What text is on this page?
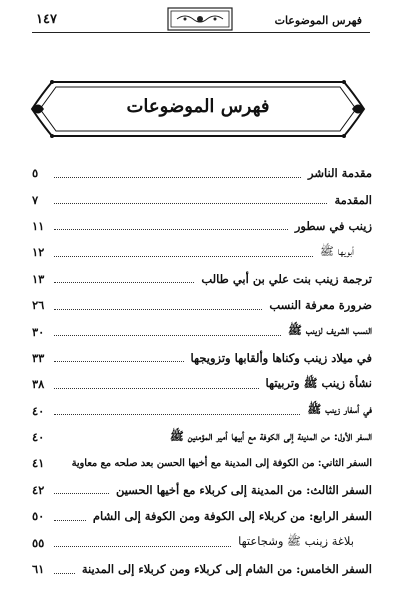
فهرس الموضوعات
١٤٧
فهرس الموضوعات
مقدمة الناشر
٥
المقدمة
٧
زينب في سطور
١١
أبويها ﷺ
١٢
ترجمة زينب بنت علي بن أبي طالب
١٣
ضرورة معرفة النسب
٢٦
النسب الشريف لزينب ﷺ
٣٠
في ميلاد زينب وكناها وألقابها وتزويجها
٣٣
نشأة زينب ﷺ وتربيتها
٣٨
في أسفار زينب ﷺ
٤٠
السفر الأول: من المدينة إلى الكوفة مع أبيها أمير المؤمنين ﷺ
٤٠
السفر الثاني: من الكوفة إلى المدينة مع أخيها الحسن بعد صلحه مع معاوية
٤١
السفر الثالث: من المدينة إلى كربلاء مع أخيها الحسين
٤٢
السفر الرابع: من كربلاء إلى الكوفة ومن الكوفة إلى الشام
٥٠
بلاغة زينب ﷺ وشجاعتها
٥٥
السفر الخامس: من الشام إلى كربلاء ومن كربلاء إلى المدينة
٦١
